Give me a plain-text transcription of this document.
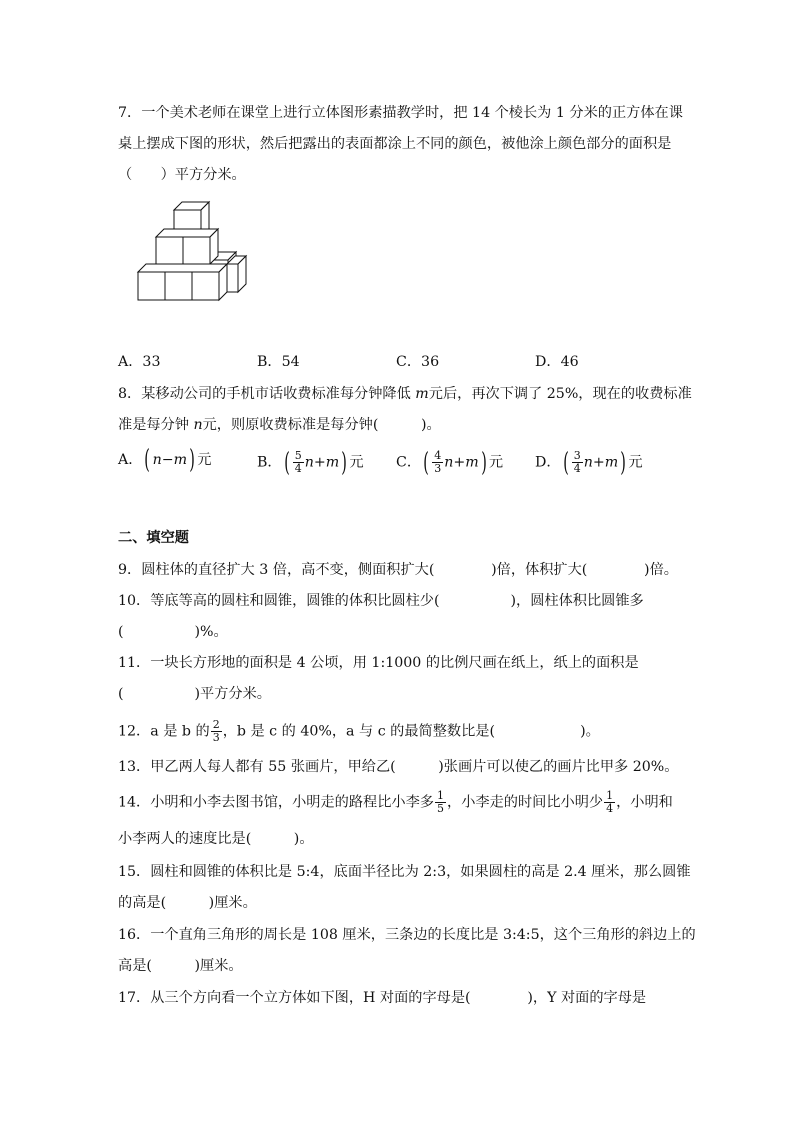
7．一个美术老师在课堂上进行立体图形素描教学时，把 14 个棱长为 1 分米的正方体在课
桌上摆成下图的形状，然后把露出的表面都涂上不同的颜色，被他涂上颜色部分的面积是
（　　）平方分米。
A．33	B．54	C．36	D．46
8．某移动公司的手机市话收费标准每分钟降低 m元后，再次下调了 25%，现在的收费标准
准是每分钟 n元，则原收费标准是每分钟(　　　)。
A．( n−m) 元	B．( $\frac{5}{4} n+m$) 元 C．( $\frac{4}{3} n+m$) 元 D．( $\frac{3}{4} n+m$) 元
二、填空题
9．圆柱体的直径扩大 3 倍，高不变，侧面积扩大(　　　　)倍，体积扩大(　　　　)倍。
10．等底等高的圆柱和圆锥，圆锥的体积比圆柱少(　　　　　)，圆柱体积比圆锥多
(　　　　　)%。
11．一块长方形地的面积是 4 公顷，用 1:1000 的比例尺画在纸上，纸上的面积是
(　　　　　)平方分米。
12．a 是 b 的 $\frac{2}{3}$ ，b 是 c 的 40%，a 与 c 的最简整数比是(　　　　　　)。
13．甲乙两人每人都有 55 张画片，甲给乙(　　　)张画片可以使乙的画片比甲多 20%。
14．小明和小李去图书馆，小明走的路程比小李多 $\frac{1}{5}$ ，小李走的时间比小明少 $\frac{1}{4}$ ，小明和
小李两人的速度比是(　　　)。
15．圆柱和圆锥的体积比是 5:4，底面半径比为 2:3，如果圆柱的高是 2.4 厘米，那么圆锥
的高是(　　　)厘米。
16．一个直角三角形的周长是 108 厘米，三条边的长度比是 3:4:5，这个三角形的斜边上的
高是(　　　)厘米。
17．从三个方向看一个立方体如下图，H 对面的字母是(　　　　)，Y 对面的字母是
